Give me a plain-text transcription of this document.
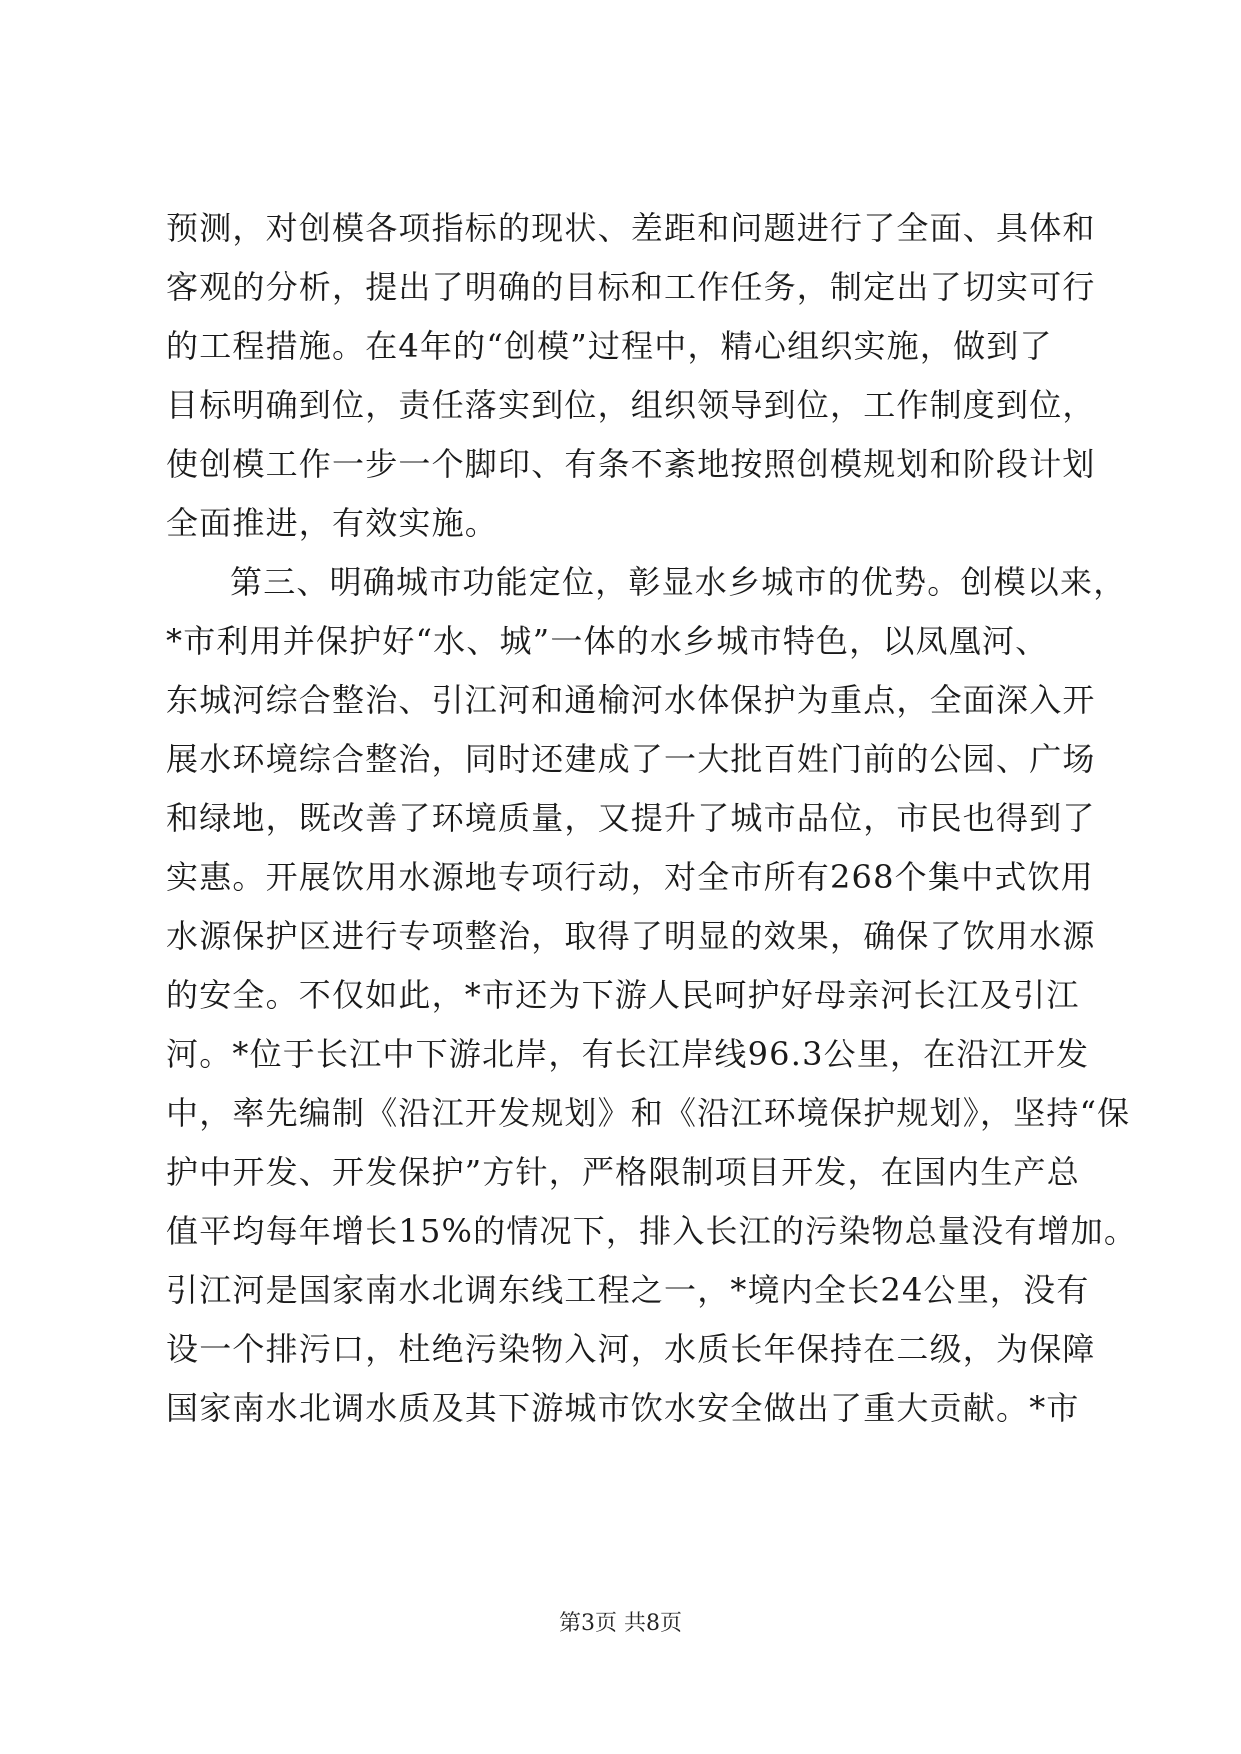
预测，对创模各项指标的现状、差距和问题进行了全面、具体和
客观的分析，提出了明确的目标和工作任务，制定出了切实可行
的工程措施。在4年的“创模”过程中，精心组织实施，做到了
目标明确到位，责任落实到位，组织领导到位，工作制度到位，
使创模工作一步一个脚印、有条不紊地按照创模规划和阶段计划
全面推进，有效实施。
第三、明确城市功能定位，彰显水乡城市的优势。创模以来，
*市利用并保护好“水、城”一体的水乡城市特色，以凤凰河、
东城河综合整治、引江河和通榆河水体保护为重点，全面深入开
展水环境综合整治，同时还建成了一大批百姓门前的公园、广场
和绿地，既改善了环境质量，又提升了城市品位，市民也得到了
实惠。开展饮用水源地专项行动，对全市所有268个集中式饮用
水源保护区进行专项整治，取得了明显的效果，确保了饮用水源
的安全。不仅如此，*市还为下游人民呵护好母亲河长江及引江
河。*位于长江中下游北岸，有长江岸线96.3公里，在沿江开发
中，率先编制《沿江开发规划》和《沿江环境保护规划》，坚持“保
护中开发、开发保护”方针，严格限制项目开发，在国内生产总
值平均每年增长15%的情况下，排入长江的污染物总量没有增加。
引江河是国家南水北调东线工程之一，*境内全长24公里，没有
设一个排污口，杜绝污染物入河，水质长年保持在二级，为保障
国家南水北调水质及其下游城市饮水安全做出了重大贡献。*市
第3页 共8页
